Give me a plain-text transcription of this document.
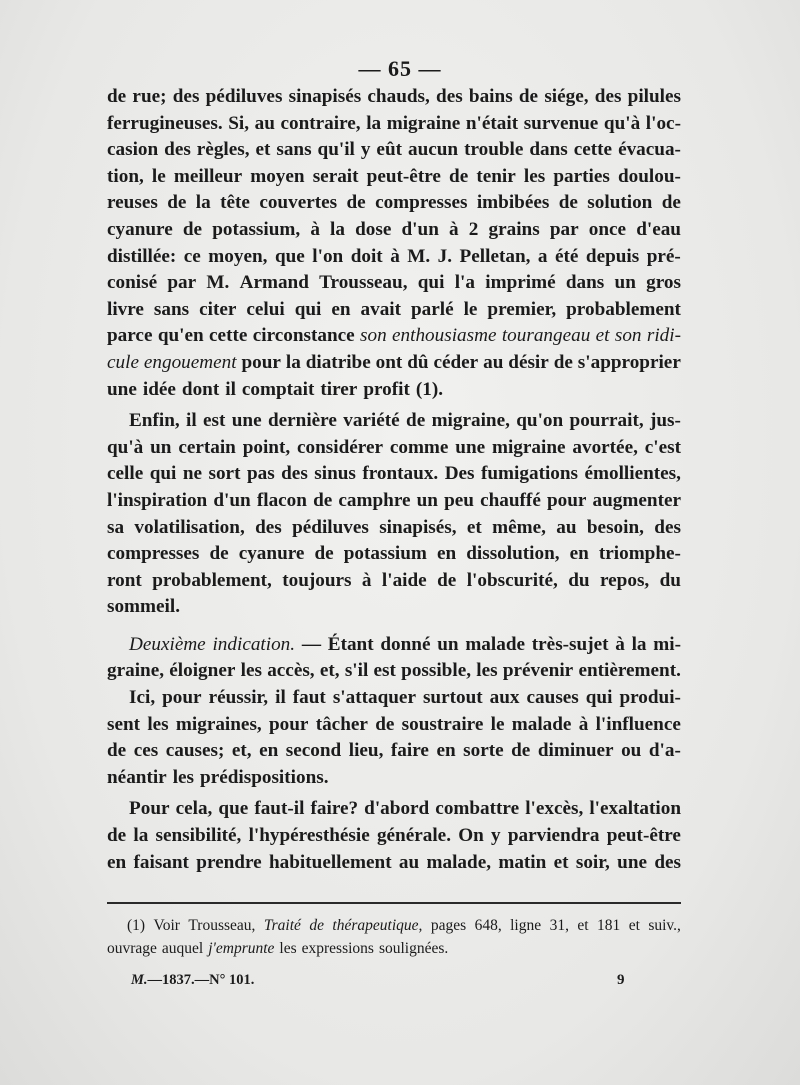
— 65 —
de rue; des pédiluves sinapisés chauds, des bains de siége, des pilules
ferrugineuses. Si, au contraire, la migraine n'était survenue qu'à l'oc-
casion des règles, et sans qu'il y eût aucun trouble dans cette évacua-
tion, le meilleur moyen serait peut-être de tenir les parties doulou-
reuses de la tête couvertes de compresses imbibées de solution de
cyanure de potassium, à la dose d'un à 2 grains par once d'eau
distillée: ce moyen, que l'on doit à M. J. Pelletan, a été depuis pré-
conisé par M. Armand Trousseau, qui l'a imprimé dans un gros
livre sans citer celui qui en avait parlé le premier, probablement
parce qu'en cette circonstance son enthousiasme tourangeau et son ridi-
cule engouement pour la diatribe ont dû céder au désir de s'approprier
une idée dont il comptait tirer profit (1).
Enfin, il est une dernière variété de migraine, qu'on pourrait, jus-
qu'à un certain point, considérer comme une migraine avortée, c'est
celle qui ne sort pas des sinus frontaux. Des fumigations émollientes,
l'inspiration d'un flacon de camphre un peu chauffé pour augmenter
sa volatilisation, des pédiluves sinapisés, et même, au besoin, des
compresses de cyanure de potassium en dissolution, en triomphe-
ront probablement, toujours à l'aide de l'obscurité, du repos, du
sommeil.
Deuxième indication. — Étant donné un malade très-sujet à la mi-
graine, éloigner les accès, et, s'il est possible, les prévenir entièrement.
Ici, pour réussir, il faut s'attaquer surtout aux causes qui produi-
sent les migraines, pour tâcher de soustraire le malade à l'influence
de ces causes; et, en second lieu, faire en sorte de diminuer ou d'a-
néantir les prédispositions.
Pour cela, que faut-il faire? d'abord combattre l'excès, l'exaltation
de la sensibilité, l'hypéresthésie générale. On y parviendra peut-être
en faisant prendre habituellement au malade, matin et soir, une des
(1) Voir Trousseau, Traité de thérapeutique, pages 648, ligne 31, et 181 et suiv.,
ouvrage auquel j'emprunte les expressions soulignées.
M.—1837.—N° 101.	9
